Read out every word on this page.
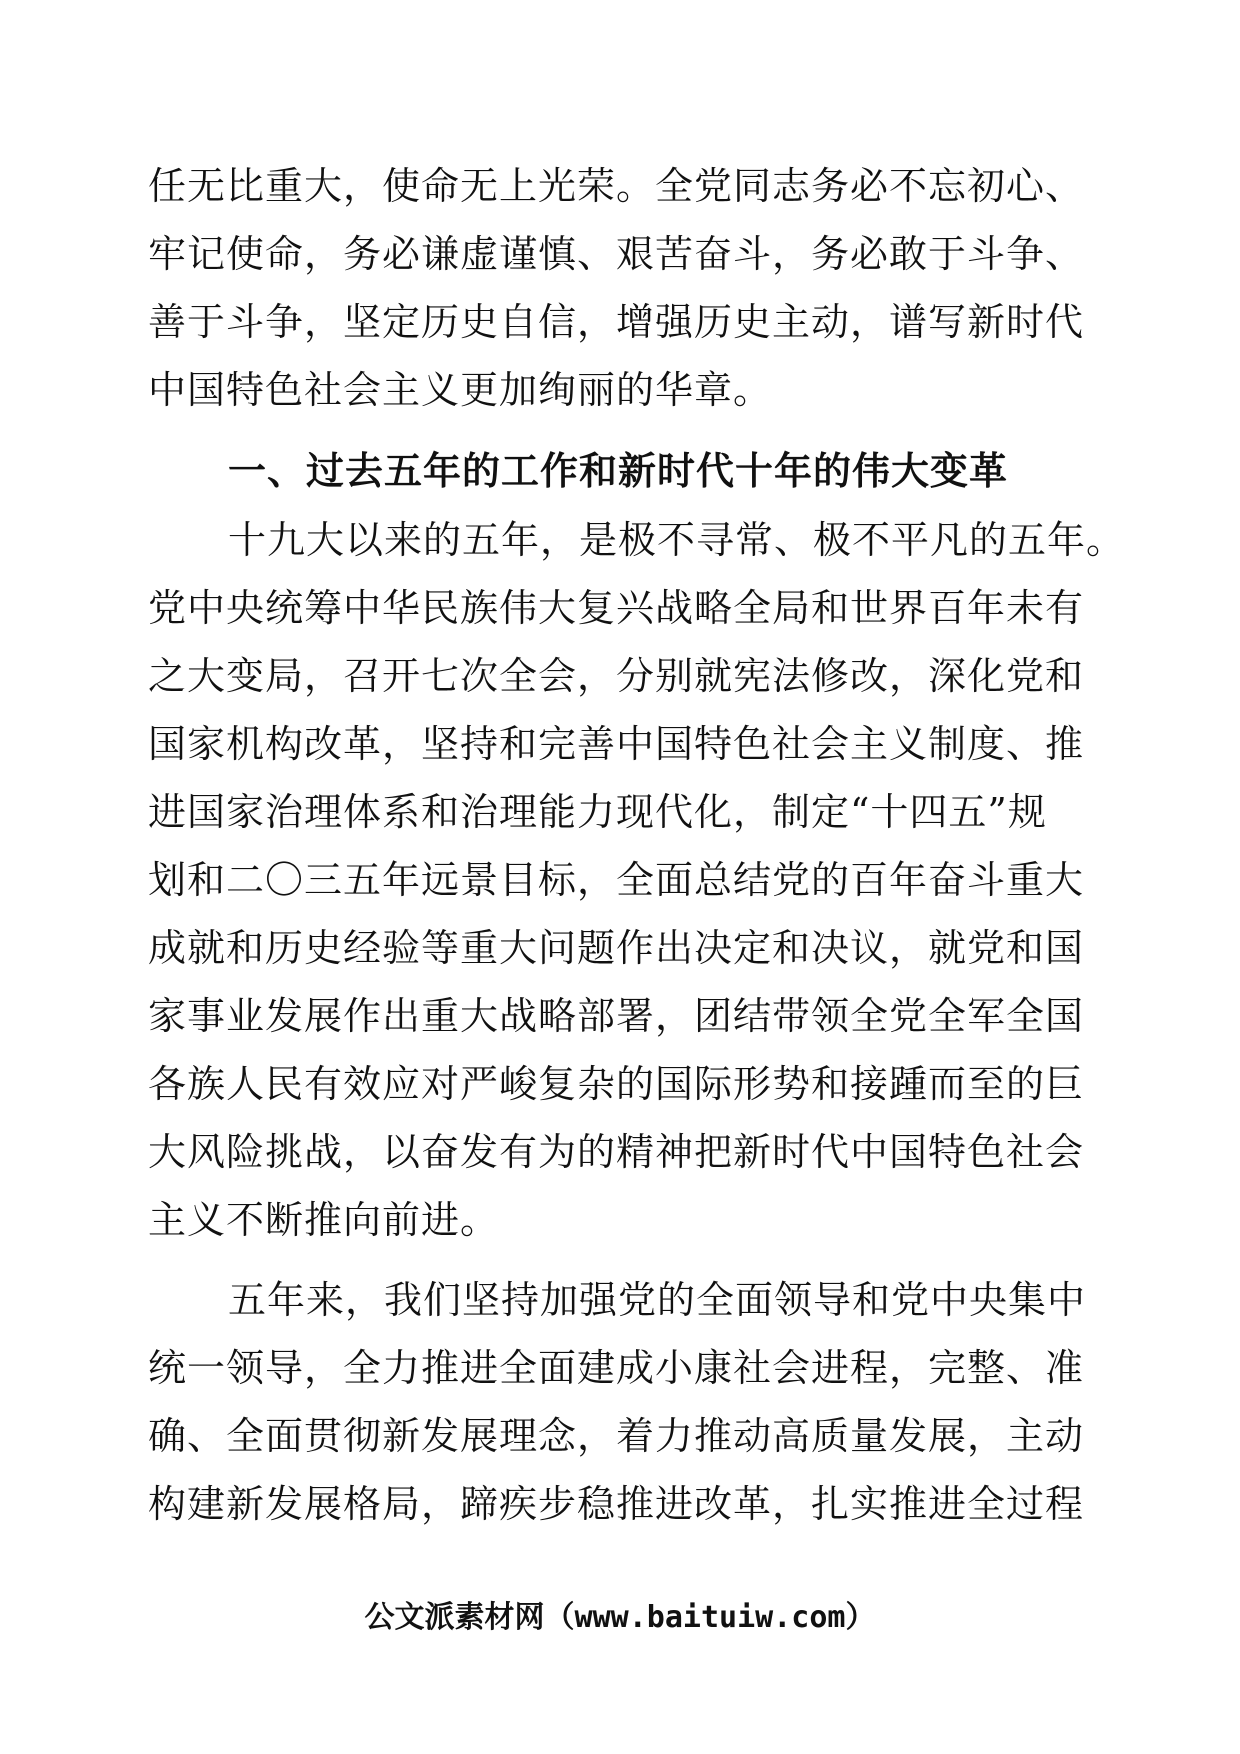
任无比重大，使命无上光荣。全党同志务必不忘初心、
牢记使命，务必谦虚谨慎、艰苦奋斗，务必敢于斗争、
善于斗争，坚定历史自信，增强历史主动，谱写新时代
中国特色社会主义更加绚丽的华章。
一、过去五年的工作和新时代十年的伟大变革
十九大以来的五年，是极不寻常、极不平凡的五年。
党中央统筹中华民族伟大复兴战略全局和世界百年未有
之大变局，召开七次全会，分别就宪法修改，深化党和
国家机构改革，坚持和完善中国特色社会主义制度、推
进国家治理体系和治理能力现代化，制定“十四五”规
划和二〇三五年远景目标，全面总结党的百年奋斗重大
成就和历史经验等重大问题作出决定和决议，就党和国
家事业发展作出重大战略部署，团结带领全党全军全国
各族人民有效应对严峻复杂的国际形势和接踵而至的巨
大风险挑战，以奋发有为的精神把新时代中国特色社会
主义不断推向前进。
五年来，我们坚持加强党的全面领导和党中央集中
统一领导，全力推进全面建成小康社会进程，完整、准
确、全面贯彻新发展理念，着力推动高质量发展，主动
构建新发展格局，蹄疾步稳推进改革，扎实推进全过程
公文派素材网（www.baituiw.com）
